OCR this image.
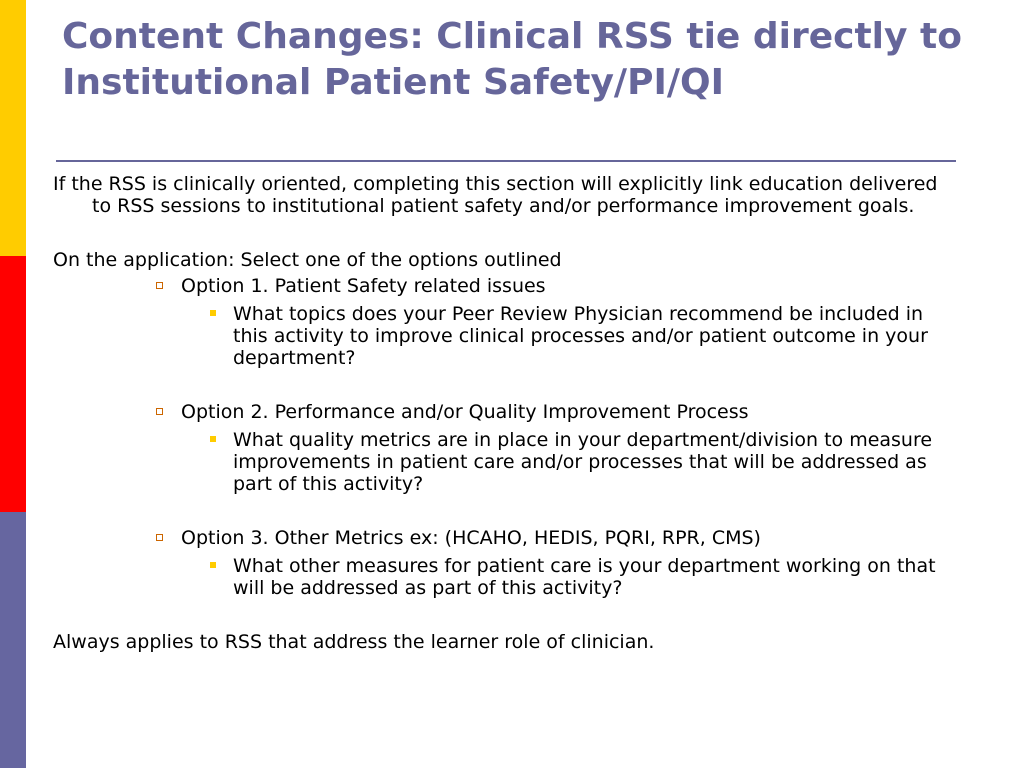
Content Changes: Clinical RSS tie directly to Institutional Patient Safety/PI/QI

If the RSS is clinically oriented, completing this section will explicitly link education delivered to RSS sessions to institutional patient safety and/or performance improvement goals.

On the application: Select one of the options outlined

Option 1. Patient Safety related issues
What topics does your Peer Review Physician recommend be included in this activity to improve clinical processes and/or patient outcome in your department?
Option 2. Performance and/or Quality Improvement Process
What quality metrics are in place in your department/division to measure improvements in patient care and/or processes that will be addressed as part of this activity?
Option 3. Other Metrics ex: (HCAHO, HEDIS, PQRI, RPR, CMS)
What other measures for patient care is your department working on that will be addressed as part of this activity?

Always applies to RSS that address the learner role of clinician.
